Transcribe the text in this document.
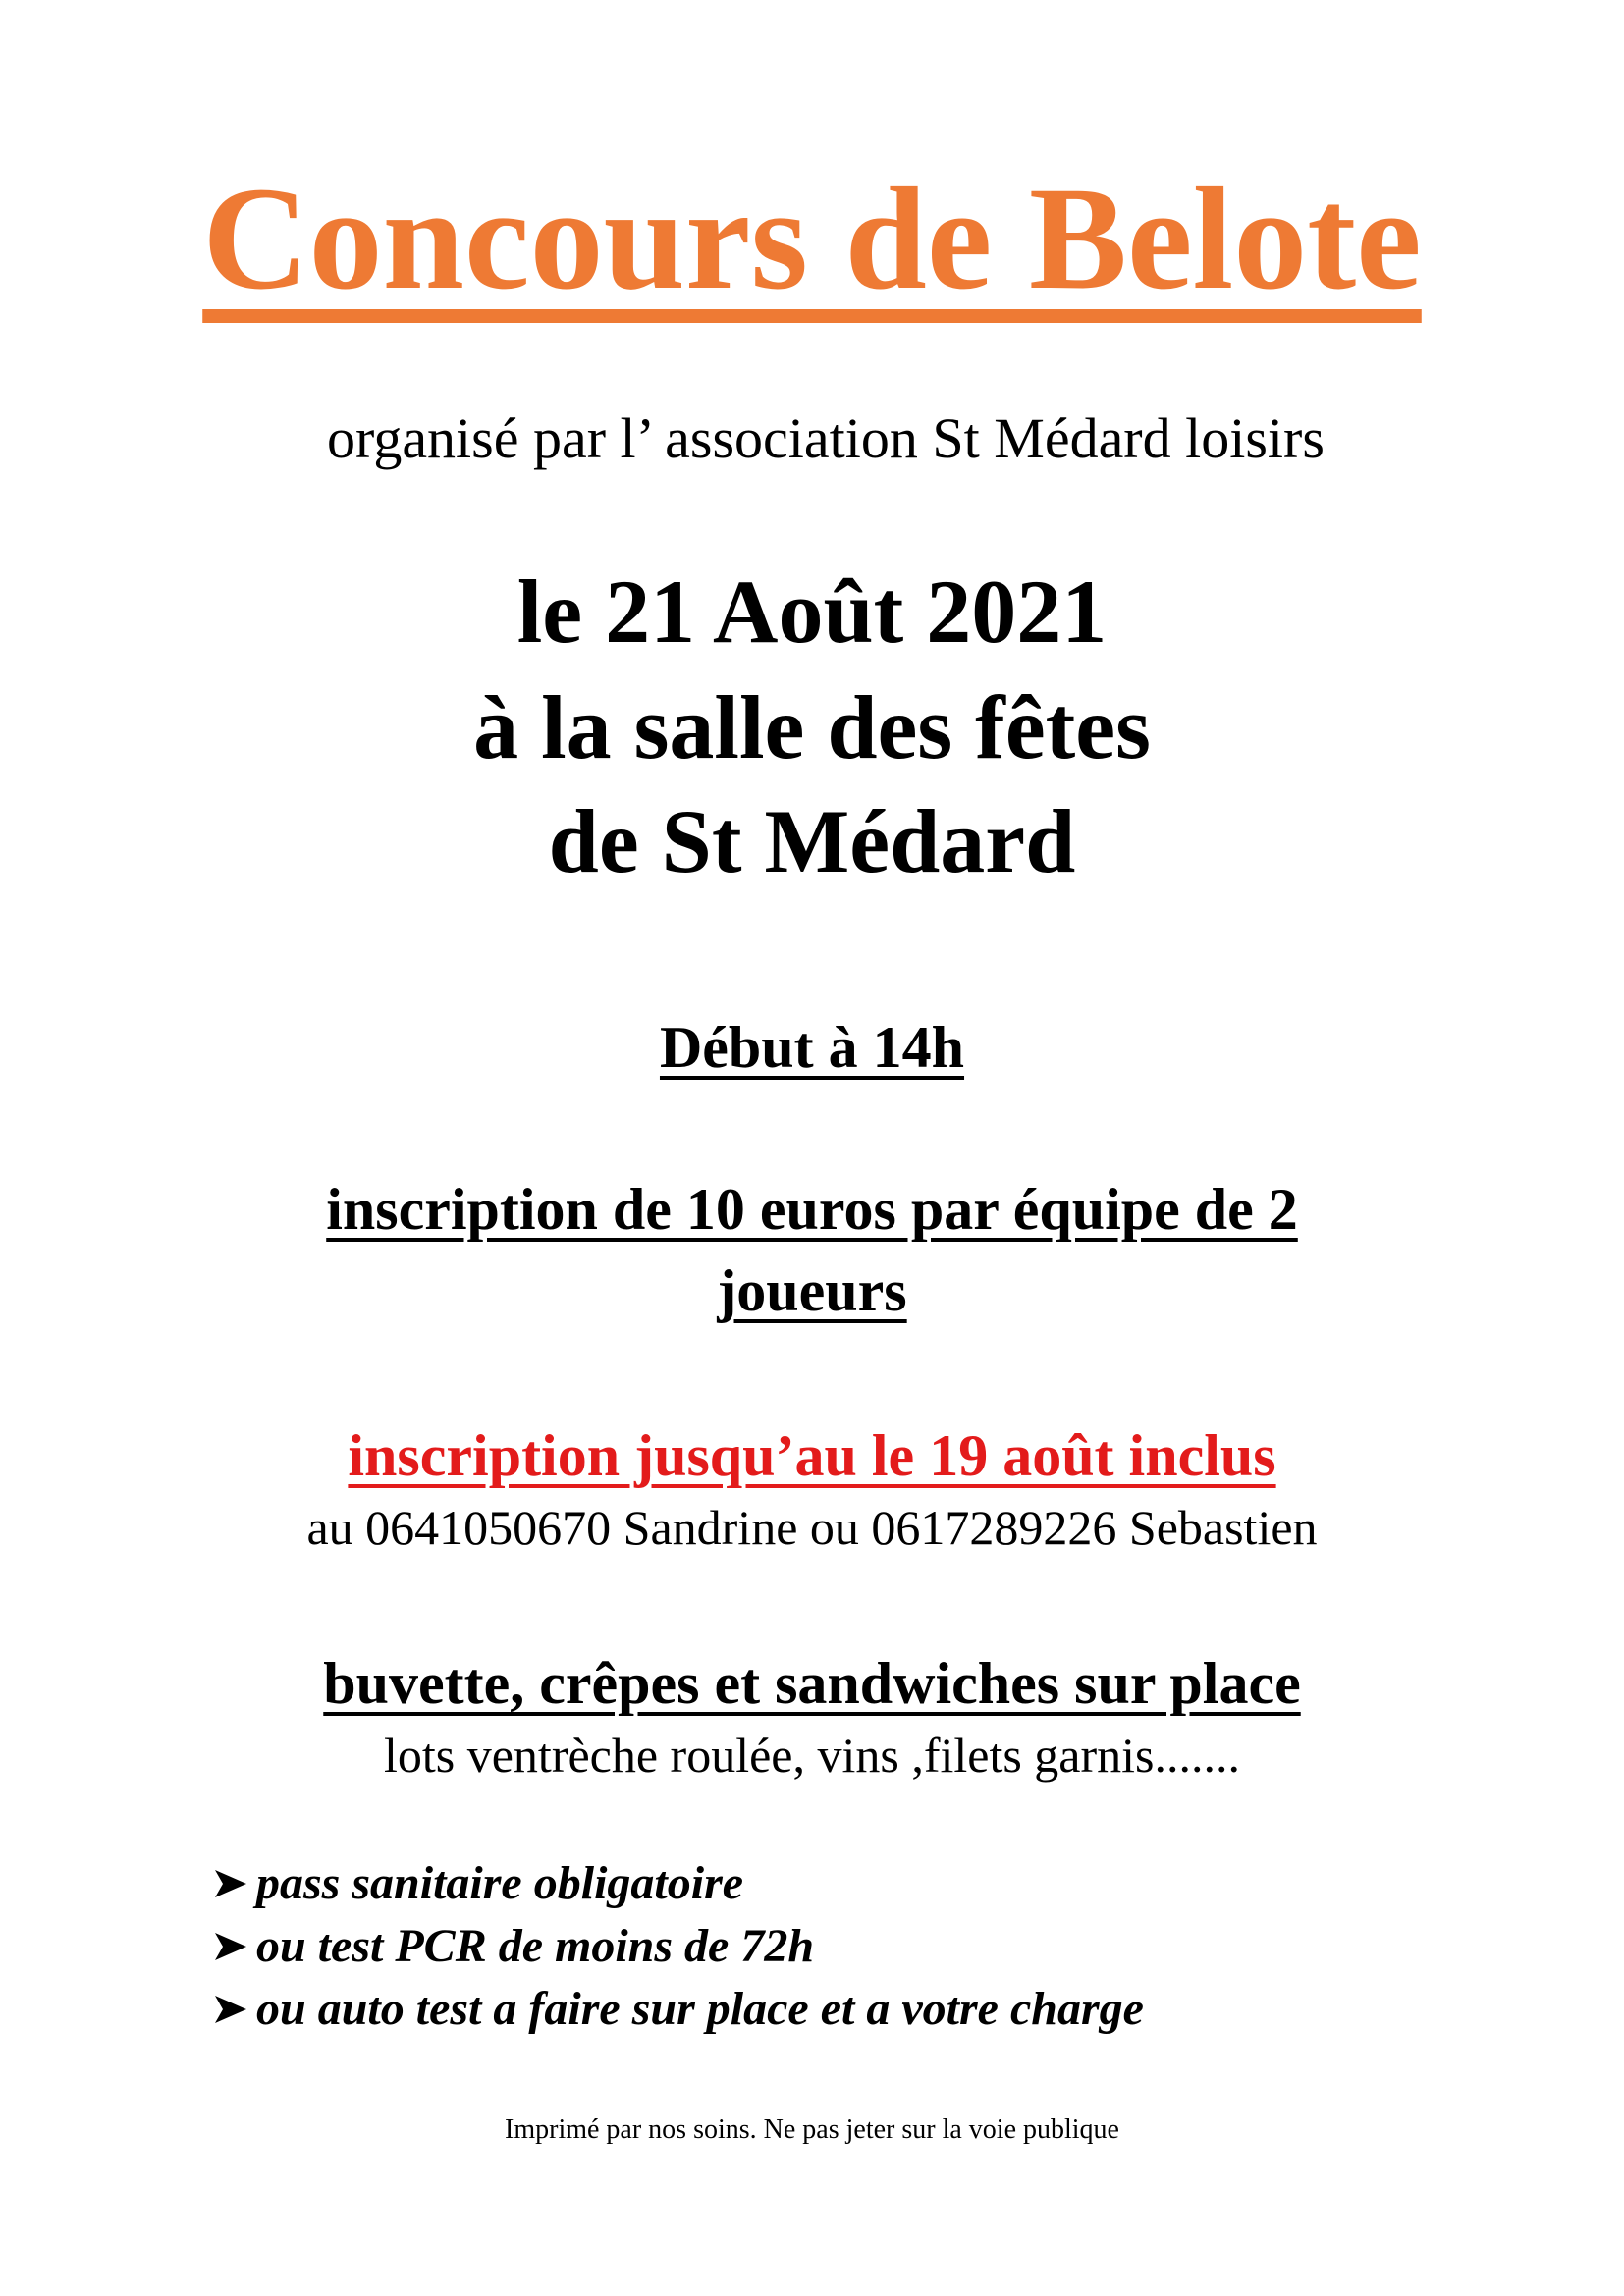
Concours de Belote
organisé par l’ association St Médard loisirs
le 21 Août 2021
à la salle des fêtes
de St Médard
Début à 14h
inscription de 10 euros par équipe de 2
joueurs
inscription jusqu’au le 19 août inclus
au 0641050670 Sandrine ou 0617289226 Sebastien
buvette, crêpes et sandwiches sur place
lots ventrèche roulée, vins ,filets garnis.......
pass sanitaire obligatoire
ou test PCR de moins de 72h
ou auto test a faire sur place et a votre charge
Imprimé par nos soins. Ne pas jeter sur la voie publique
